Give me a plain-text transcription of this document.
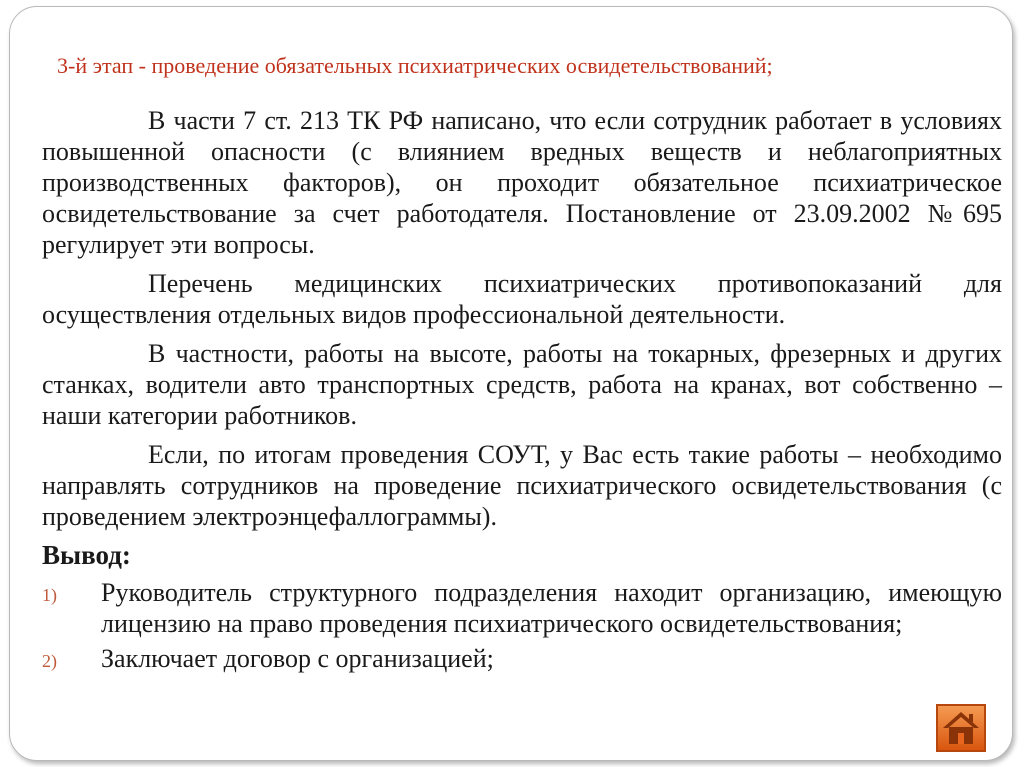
3-й этап - проведение обязательных психиатрических освидетельствований;

В части 7 ст. 213 ТК РФ написано, что если сотрудник работает в условиях повышенной опасности (с влиянием вредных веществ и неблагоприятных производственных факторов), он проходит обязательное психиатрическое освидетельствование за счет работодателя. Постановление от 23.09.2002 №695 регулирует эти вопросы.

Перечень медицинских психиатрических противопоказаний для осуществления отдельных видов профессиональной деятельности.

В частности, работы на высоте, работы на токарных, фрезерных и других станках, водители авто транспортных средств, работа на кранах, вот собственно –наши категории работников.

Если, по итогам проведения СОУТ, у Вас есть такие работы – необходимо направлять сотрудников на проведение психиатрического освидетельствования (с проведением электроэнцефаллограммы).

Вывод:
1) Руководитель структурного подразделения находит организацию, имеющую лицензию на право проведения психиатрического освидетельствования;
2) Заключает договор с организацией;
